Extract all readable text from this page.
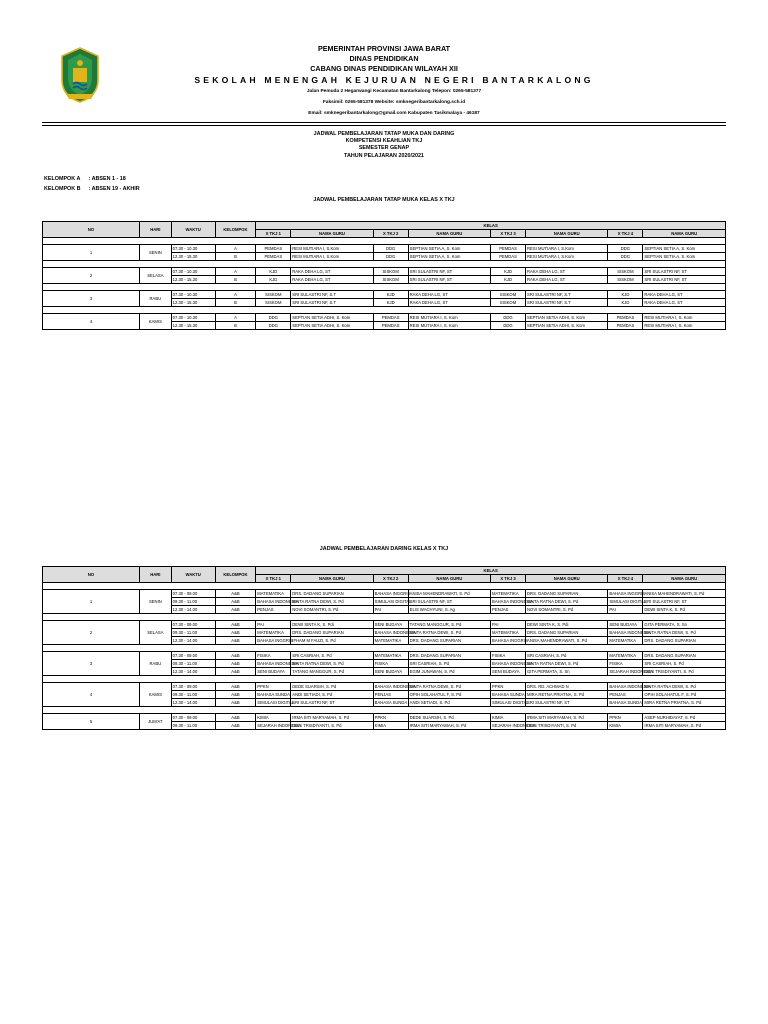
PEMERINTAH PROVINSI JAWA BARAT
DINAS PENDIDIKAN
CABANG DINAS PENDIDIKAN WILAYAH XII
SEKOLAH MENENGAH KEJURUAN NEGERI BANTARKALONG
Jalan Pemuda 2 Hegarwangi Kecamatan Bantarkalong Telepon: 0265-581377
Faksimil: 0265-581378 Website: smknegeribantarkalong.sch.id
Email: smknegeribantarkalong@gmail.com Kabupaten Tasikmalaya - 46187
JADWAL PEMBELAJARAN TATAP MUKA DAN DARING
KOMPETENSI KEAHLIAN TKJ
SEMESTER GENAP
TAHUN PELAJARAN 2020/2021
KELOMPOK A	: ABSEN 1 - 18
KELOMPOK B	: ABSEN 19 - AKHIR
JADWAL PEMBELAJARAN TATAP MUKA KELAS X TKJ
NO	HARI	WAKTU	KELOMPOK	KELAS							
				X TKJ 1	NAMA GURU	X TKJ 2	NAMA GURU	X TKJ 3	NAMA GURU	X TKJ 4	NAMA GURU

1	SENIN	07.30 - 10.30	A	PEMDAS	RESI MUTIARA I, S.Kom	DDG	SEPTIAN SETIA A, S. Kom	PEMDAS	RESI MUTIARA I, S.Kom	DDG	SEPTIAN SETIA A, S. Kom
		12.30 - 15.30	B	PEMDAS	RESI MUTIARA I, S.Kom	DDG	SEPTIAN SETIA A, S. Kom	PEMDAS	RESI MUTIARA I, S.Kom	DDG	SEPTIAN SETIA A, S. Kom

2	SELASA	07.30 - 10.30	A	KJD	RAKA DEHA LG, ST	SISKOM	SRI SULASTRI NF, ST	KJD	RAKA DEHA LG, ST	SISKOM	SRI SULASTRI NF, ST
		12.30 - 15.30	B	KJD	RAKA DEHA LG, ST	SISKOM	SRI SULASTRI NF, ST	KJD	RAKA DEHA LG, ST	SISKOM	SRI SULASTRI NF, ST

3	RABU	07.30 - 10.30	A	SISKOM	SRI SULASTRI NF, S.T	KJD	RAKA DEHA LG, ST	SISKOM	SRI SULASTRI NF, S.T	KJD	RAKA DEHA LG, ST
		12.30 - 15.30	B	SISKOM	SRI SULASTRI NF, S.T	KJD	RAKA DEHA LG, ST	SISKOM	SRI SULASTRI NF, S.T	KJD	RAKA DEHA LG, ST

4	KAMIS	07.30 - 10.30	A	DDG	SEPTIAN SETIA ADHI, S. Kom	PEMDAS	RESI MUTIARA I, S. Kom	DDG	SEPTIAN SETIA ADHI, S. Kom	PEMDAS	RESI MUTIARA I, S. Kom
		12.30 - 15.30	B	DDG	SEPTIAN SETIA ADHI, S. Kom	PEMDAS	RESI MUTIARA I, S. Kom	DDG	SEPTIAN SETIA ADHI, S. Kom	PEMDAS	RESI MUTIARA I, S. Kom
JADWAL PEMBELAJARAN DARING KELAS X TKJ
NO	HARI	WAKTU	KELOMPOK	KELAS							
				X TKJ 1	NAMA GURU	X TKJ 2	NAMA GURU	X TKJ 3	NAMA GURU	X TKJ 4	NAMA GURU

1	SENIN	07.30 - 09.00	A&B	MATEMATIKA	DRS. DADANG SUPARIAN	BAHASA INGGRIS	ANISA MAHENDRAWATI, S. Pd	MATEMATIKA	DRS. DADANG SUPARIAN	BAHASA INGGRIS	ANISA MAHENDRAWATI, S. Pd
		09.30 - 11.00	A&B	BAHASA INDONESIA	SINTA RATNA DEWI, S. Pd	SIMULASI DIGITAL	SRI SULASTRI NF, ST	BAHASA INDONESIA	SINTA RATNA DEWI, S. Pd	SIMULASI DIGITAL	SRI SULASTRI NF, ST
		12.30 - 14.00	A&B	PENJAS	NOVI SOMANTRI, S. Pd	PAI	ELIS WACHYUNI, S. Ag	PENJAS	NOVI SOMANTRI, S. Pd	PAI	DEWI SINTA K, S. Pd

2	SELASA	07.30 - 09.00	A&B	PAI	DEWI SINTA K, S. Pdi	SENI BUDAYA	TATANG MANGGUR, S. Pd	PAI	DEWI SINTA K, S. Pdi	SENI BUDAYA	GITA PERMATA, S. Sn
		09.30 - 11.00	A&B	MATEMATIKA	DRS. DADANG SUPARIAN	BAHASA INDONESIA	SINTA RATNA DEWI, S. Pd	MATEMATIKA	DRS. DADANG SUPARIAN	BAHASA INDONESIA	SINTA RATNA DEWI, S. Pd
		12.30 - 14.00	A&B	BAHASA INGGRIS	IFHAM M FAUZI, S. Pd	MATEMATIKA	DRS. DADANG SUPARIAN	BAHASA INGGRIS	ANISA MAHENDRAWATI, S. Pd	MATEMATIKA	DRS. DADANG SUPARIAN

3	RABU	07.30 - 09.00	A&B	FISIKA	SRI CASRIAH, S. Pd	MATEMATIKA	DRS. DADANG SUPARIAN	FISIKA	SRI CASRIAH, S. Pd	MATEMATIKA	DRS. DADANG SUPARIAN
		09.30 - 11.00	A&B	BAHASA INDONESIA	SINTA RATNA DEWI, S. Pd	FISIKA	SRI CASRIAH, S. Pd	BAHASA INDONESIA	SINTA RATNA DEWI, S. Pd	FISIKA	SRI CASRIAH, S. Pd
		12.30 - 14.00	A&B	SENI BUDAYA	TATANG MANGGUR, S. Pd	SENI BUDAYA	EGIM JUNAWAN, S. Pd	SENI BUDAYA	GITA PERMATA, S. Sn	SEJARAH INDONESIA	DEIS TRISDIYANTI, S. Pd

4	KAMIS	07.30 - 09.00	A&B	PPKN	DEDE SUARSIH, S. Pd	BAHASA INDONESIA	SINTA RATNA DEWI, S. Pd	PPKN	DRS. RD. ACHMAD N	BAHASA INDONESIA	SINTA RATNA DEWI, S. Pd
		09.30 - 11.00	A&B	BAHASA SUNDA	ANDI SETIADI, S. Pd	PENJAS	OPIH SOLAHATUL F, S. Pd	BAHASA SUNDA	MIRA RETNA PRIATNA, S. Pd	PENJAS	OPIH SOLAHATUL F, S. Pd
		12.30 - 14.00	A&B	SIMULASI DIGITAL	SRI SULASTRI NF, ST	BAHASA SUNDA	ANDI SETIADI, S. Pd	SIMULASI DIGITAL	SRI SULASTRI NF, ST	BAHASA SUNDA	MIRA RETNA PRIATNA, S. Pd

5	JUM'AT	07.30 - 09.00	A&B	KIMIA	IRMA SITI MARYAMAH, S. Pd	PPKN	DEDE SUARSIH, S. Pd	KIMIA	IRMA SITI MARYAMAH, S. Pd	PPKN	ASEP NURHIDAYAT, S. Pd
		09.30 - 11.00	A&B	SEJARAH INDONESIA	DEIS TRISDIYANTI, S. Pd	KIMIA	IRMA SITI MARYAMAH, S. Pd	SEJARAH INDONESIA	DEIS TRISDIYANTI, S. Pd	KIMIA	IRMA SITI MARYAMAH, S. Pd
